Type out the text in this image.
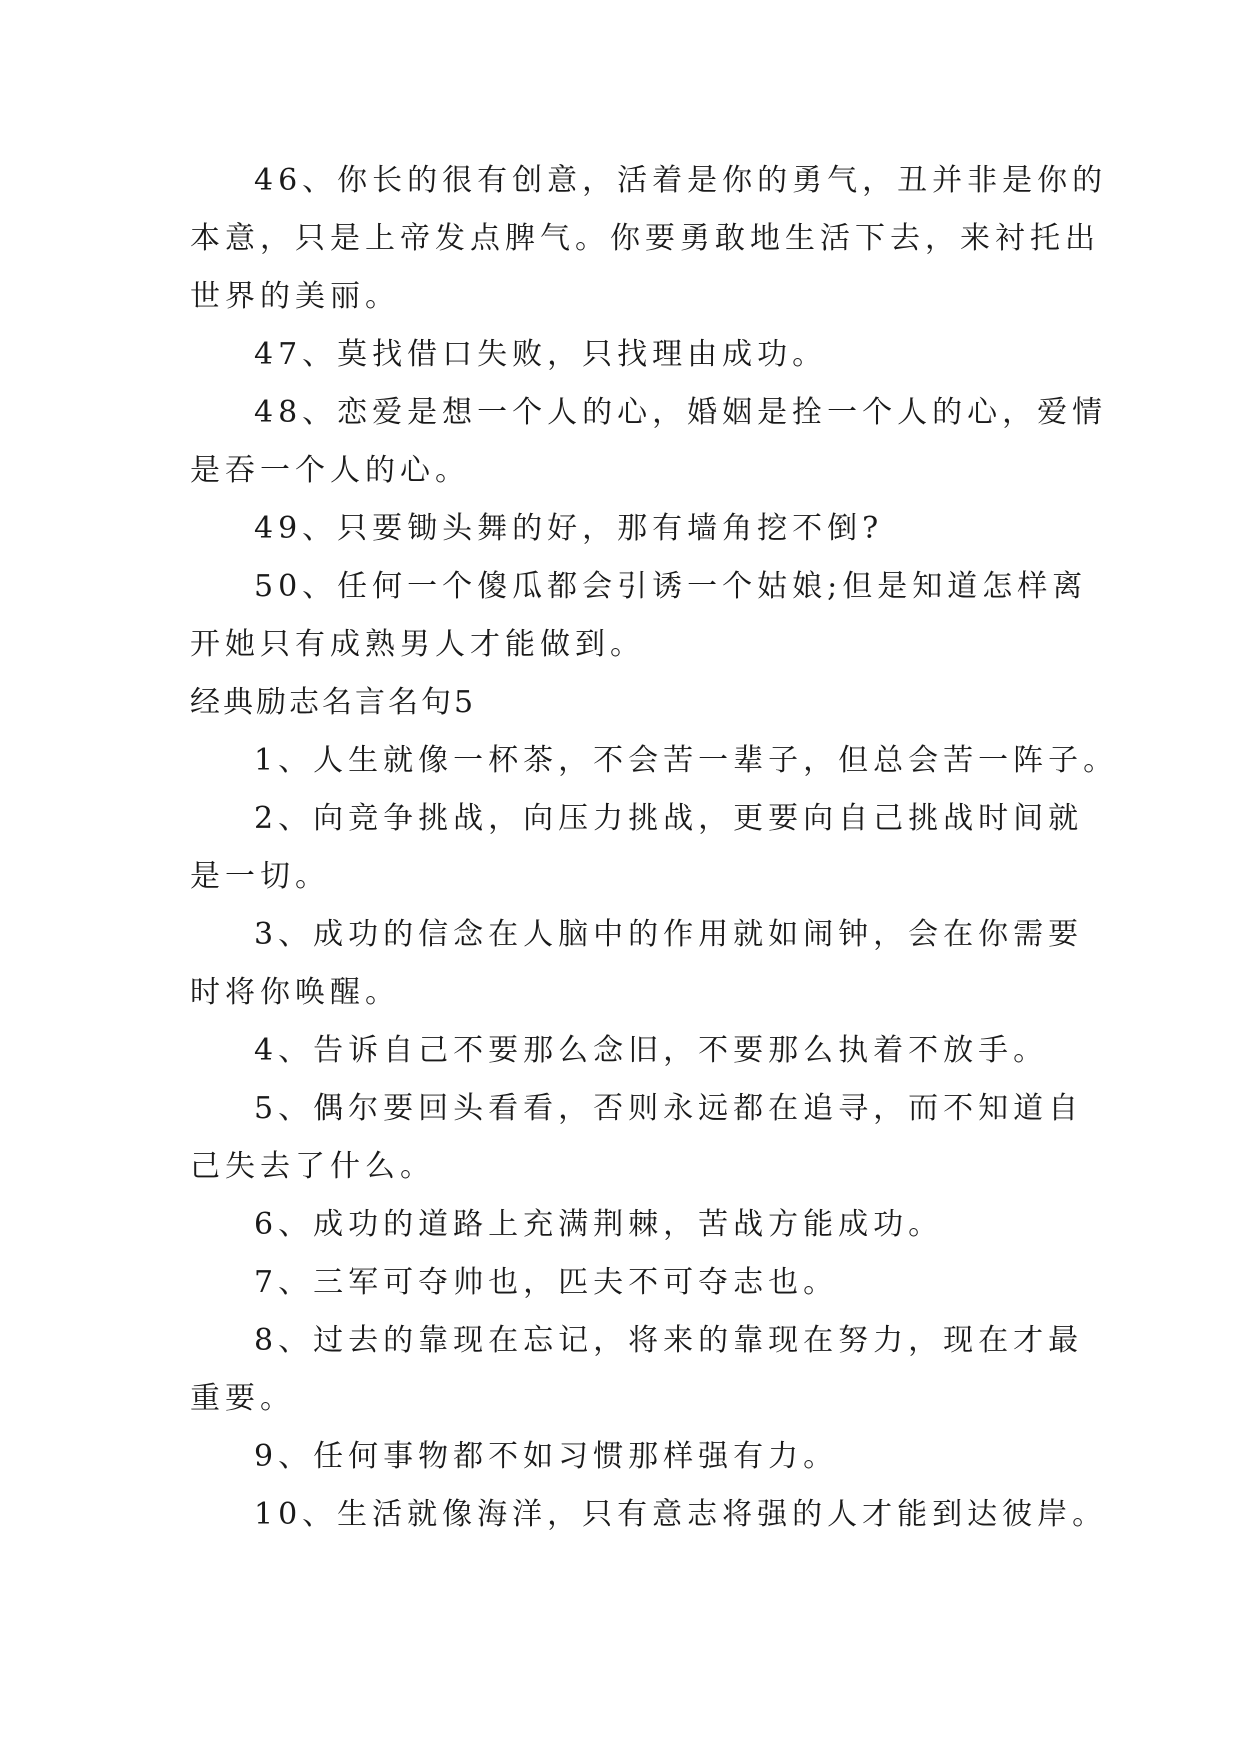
46、你长的很有创意，活着是你的勇气，丑并非是你的
本意，只是上帝发点脾气。你要勇敢地生活下去，来衬托出
世界的美丽。
47、莫找借口失败，只找理由成功。
48、恋爱是想一个人的心，婚姻是拴一个人的心，爱情
是吞一个人的心。
49、只要锄头舞的好，那有墙角挖不倒?
50、任何一个傻瓜都会引诱一个姑娘;但是知道怎样离
开她只有成熟男人才能做到。
经典励志名言名句5
1、人生就像一杯茶，不会苦一辈子，但总会苦一阵子。
2、向竞争挑战，向压力挑战，更要向自己挑战时间就
是一切。
3、成功的信念在人脑中的作用就如闹钟，会在你需要
时将你唤醒。
4、告诉自己不要那么念旧，不要那么执着不放手。
5、偶尔要回头看看，否则永远都在追寻，而不知道自
己失去了什么。
6、成功的道路上充满荆棘，苦战方能成功。
7、三军可夺帅也，匹夫不可夺志也。
8、过去的靠现在忘记，将来的靠现在努力，现在才最
重要。
9、任何事物都不如习惯那样强有力。
10、生活就像海洋，只有意志将强的人才能到达彼岸。
